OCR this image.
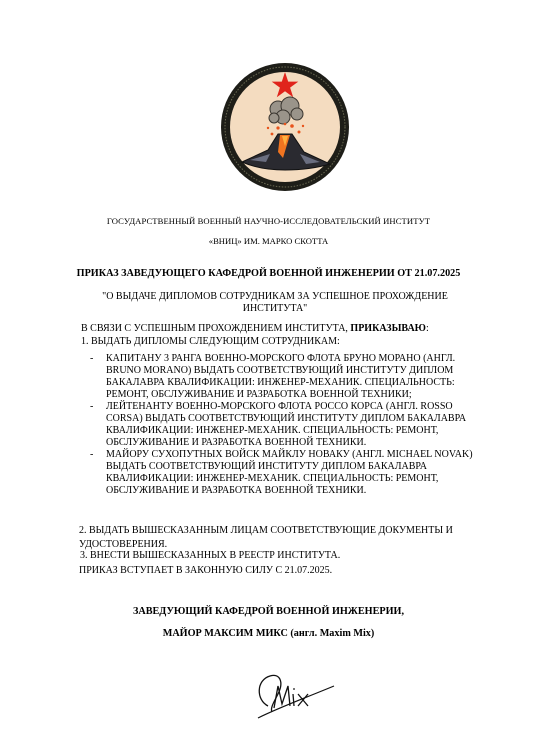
ГОСУДАРСТВЕННЫЙ ВОЕННЫЙ НАУЧНО-ИССЛЕДОВАТЕЛЬСКИЙ ИНСТИТУТ
«ВНИЦ» ИМ. МАРКО СКОТТА
ПРИКАЗ ЗАВЕДУЮЩЕГО КАФЕДРОЙ ВОЕННОЙ ИНЖЕНЕРИИ ОТ 21.07.2025
"О ВЫДАЧЕ ДИПЛОМОВ СОТРУДНИКАМ ЗА УСПЕШНОЕ ПРОХОЖДЕНИЕ ИНСТИТУТА"
В СВЯЗИ С УСПЕШНЫМ ПРОХОЖДЕНИЕМ ИНСТИТУТА, ПРИКАЗЫВАЮ:
1. ВЫДАТЬ ДИПЛОМЫ СЛЕДУЮЩИМ СОТРУДНИКАМ:
- КАПИТАНУ 3 РАНГА ВОЕННО-МОРСКОГО ФЛОТА БРУНО МОРАНО (АНГЛ. BRUNO MORANO) ВЫДАТЬ СООТВЕТСТВУЮЩИЙ ИНСТИТУТУ ДИПЛОМ БАКАЛАВРА КВАЛИФИКАЦИИ: ИНЖЕНЕР-МЕХАНИК. СПЕЦИАЛЬНОСТЬ: РЕМОНТ, ОБСЛУЖИВАНИЕ И РАЗРАБОТКА ВОЕННОЙ ТЕХНИКИ;
- ЛЕЙТЕНАНТУ ВОЕННО-МОРСКОГО ФЛОТА РОССО КОРСА (АНГЛ. ROSSO CORSA) ВЫДАТЬ СООТВЕТСТВУЮЩИЙ ИНСТИТУТУ ДИПЛОМ БАКАЛАВРА КВАЛИФИКАЦИИ: ИНЖЕНЕР-МЕХАНИК. СПЕЦИАЛЬНОСТЬ: РЕМОНТ, ОБСЛУЖИВАНИЕ И РАЗРАБОТКА ВОЕННОЙ ТЕХНИКИ.
- МАЙОРУ СУХОПУТНЫХ ВОЙСК МАЙКЛУ НОВАКУ (АНГЛ. MICHAEL NOVAK) ВЫДАТЬ СООТВЕТСТВУЮЩИЙ ИНСТИТУТУ ДИПЛОМ БАКАЛАВРА КВАЛИФИКАЦИИ: ИНЖЕНЕР-МЕХАНИК. СПЕЦИАЛЬНОСТЬ: РЕМОНТ, ОБСЛУЖИВАНИЕ И РАЗРАБОТКА ВОЕННОЙ ТЕХНИКИ.
2. ВЫДАТЬ ВЫШЕСКАЗАННЫМ ЛИЦАМ СООТВЕТСТВУЮЩИЕ ДОКУМЕНТЫ И УДОСТОВЕРЕНИЯ.
3. ВНЕСТИ ВЫШЕСКАЗАННЫХ В РЕЕСТР ИНСТИТУТА.
ПРИКАЗ ВСТУПАЕТ В ЗАКОННУЮ СИЛУ С 21.07.2025.
ЗАВЕДУЮЩИЙ КАФЕДРОЙ ВОЕННОЙ ИНЖЕНЕРИИ,
МАЙОР МАКСИМ МИКС (англ. Maxim Mix)
